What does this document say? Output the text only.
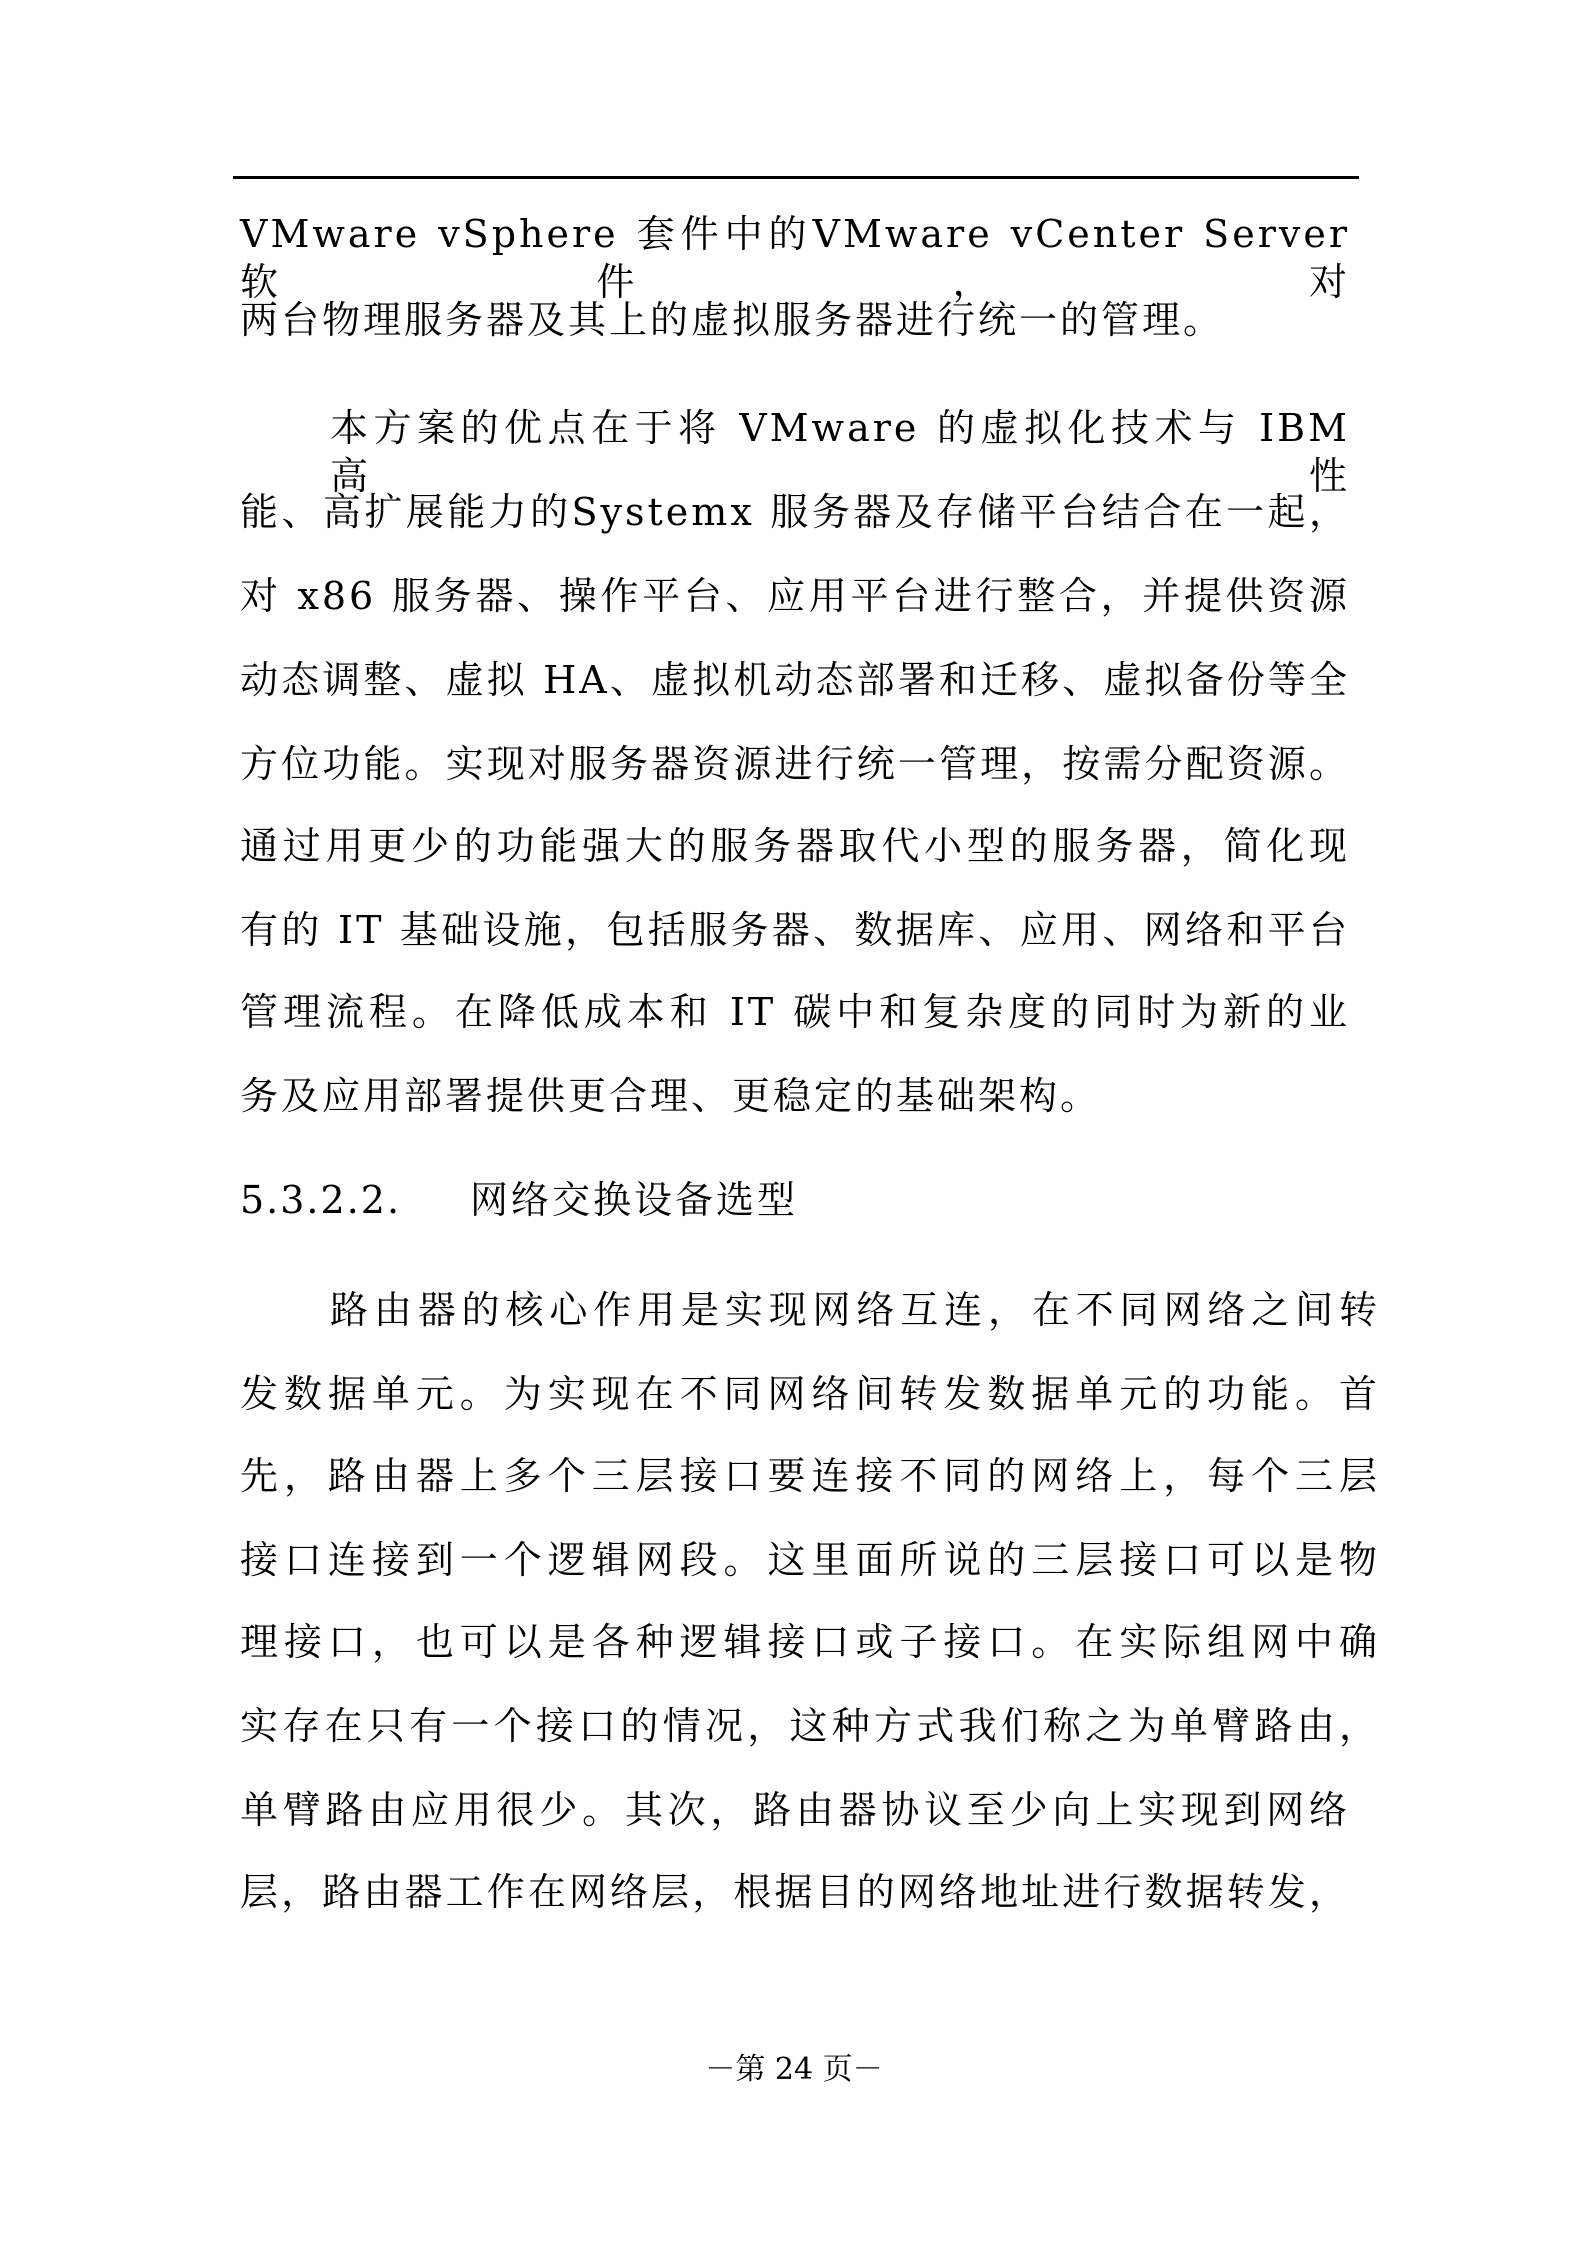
VMware vSphere 套件中的VMware vCenter Server 软件，对
两台物理服务器及其上的虚拟服务器进行统一的管理。
本方案的优点在于将 VMware 的虚拟化技术与 IBM 高性
能、高扩展能力的Systemx 服务器及存储平台结合在一起，
对 x86 服务器、操作平台、应用平台进行整合，并提供资源
动态调整、虚拟 HA、虚拟机动态部署和迁移、虚拟备份等全
方位功能。实现对服务器资源进行统一管理，按需分配资源。
通过用更少的功能强大的服务器取代小型的服务器，简化现
有的 IT 基础设施，包括服务器、数据库、应用、网络和平台
管理流程。在降低成本和 IT 碳中和复杂度的同时为新的业
务及应用部署提供更合理、更稳定的基础架构。
5.3.2.2. 网络交换设备选型
路由器的核心作用是实现网络互连，在不同网络之间转
发数据单元。为实现在不同网络间转发数据单元的功能。首
先，路由器上多个三层接口要连接不同的网络上，每个三层
接口连接到一个逻辑网段。这里面所说的三层接口可以是物
理接口，也可以是各种逻辑接口或子接口。在实际组网中确
实存在只有一个接口的情况，这种方式我们称之为单臂路由，
单臂路由应用很少。其次，路由器协议至少向上实现到网络
层，路由器工作在网络层，根据目的网络地址进行数据转发，
－第 24 页－
